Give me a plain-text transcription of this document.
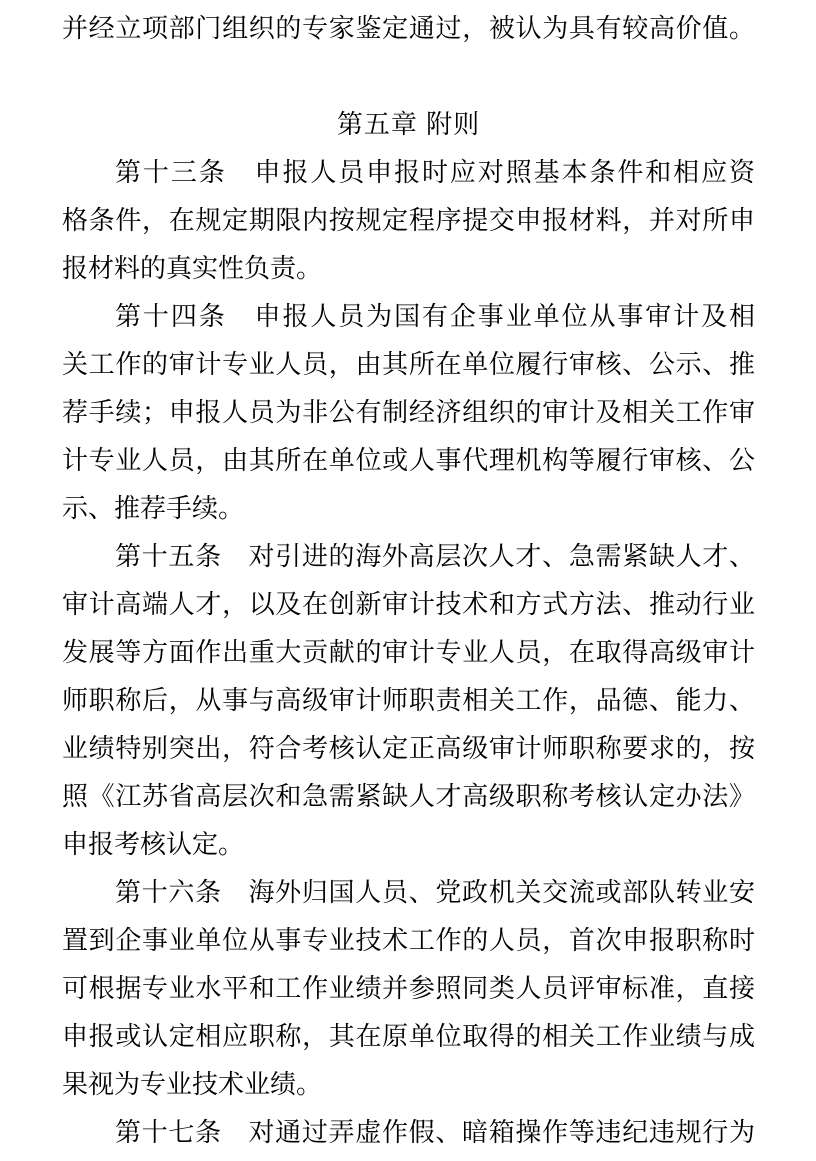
并经立项部门组织的专家鉴定通过，被认为具有较高价值。
第五章 附则
第十三条　申报人员申报时应对照基本条件和相应资
格条件，在规定期限内按规定程序提交申报材料，并对所申
报材料的真实性负责。
第十四条　申报人员为国有企事业单位从事审计及相
关工作的审计专业人员，由其所在单位履行审核、公示、推
荐手续；申报人员为非公有制经济组织的审计及相关工作审
计专业人员，由其所在单位或人事代理机构等履行审核、公
示、推荐手续。
第十五条　对引进的海外高层次人才、急需紧缺人才、
审计高端人才，以及在创新审计技术和方式方法、推动行业
发展等方面作出重大贡献的审计专业人员，在取得高级审计
师职称后，从事与高级审计师职责相关工作，品德、能力、
业绩特别突出，符合考核认定正高级审计师职称要求的，按
照《江苏省高层次和急需紧缺人才高级职称考核认定办法》
申报考核认定。
第十六条　海外归国人员、党政机关交流或部队转业安
置到企事业单位从事专业技术工作的人员，首次申报职称时
可根据专业水平和工作业绩并参照同类人员评审标准，直接
申报或认定相应职称，其在原单位取得的相关工作业绩与成
果视为专业技术业绩。
第十七条　对通过弄虚作假、暗箱操作等违纪违规行为
